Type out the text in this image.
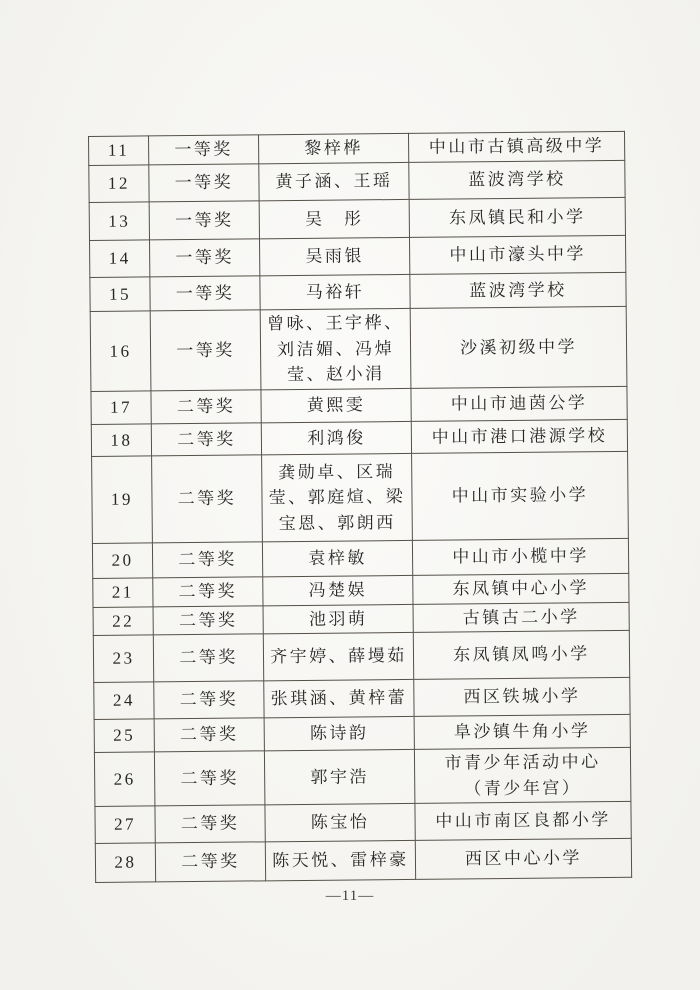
11	一等奖	黎梓桦	中山市古镇高级中学
12	一等奖	黄子涵、王瑶	蓝波湾学校
13	一等奖	吴　彤	东凤镇民和小学
14	一等奖	吴雨银	中山市濠头中学
15	一等奖	马裕轩	蓝波湾学校
16	一等奖	曾咏、王宇桦、刘洁媚、冯焯莹、赵小涓	沙溪初级中学
17	二等奖	黄熙雯	中山市迪茵公学
18	二等奖	利鸿俊	中山市港口港源学校
19	二等奖	龚勋卓、区瑞莹、郭庭煊、梁宝恩、郭朗西	中山市实验小学
20	二等奖	袁梓敏	中山市小榄中学
21	二等奖	冯楚娱	东凤镇中心小学
22	二等奖	池羽萌	古镇古二小学
23	二等奖	齐宇婷、薛墁茹	东凤镇凤鸣小学
24	二等奖	张琪涵、黄梓蕾	西区铁城小学
25	二等奖	陈诗韵	阜沙镇牛角小学
26	二等奖	郭宇浩	市青少年活动中心
（青少年宫）
27	二等奖	陈宝怡	中山市南区良都小学
28	二等奖	陈天悦、雷梓豪	西区中心小学
—11—
